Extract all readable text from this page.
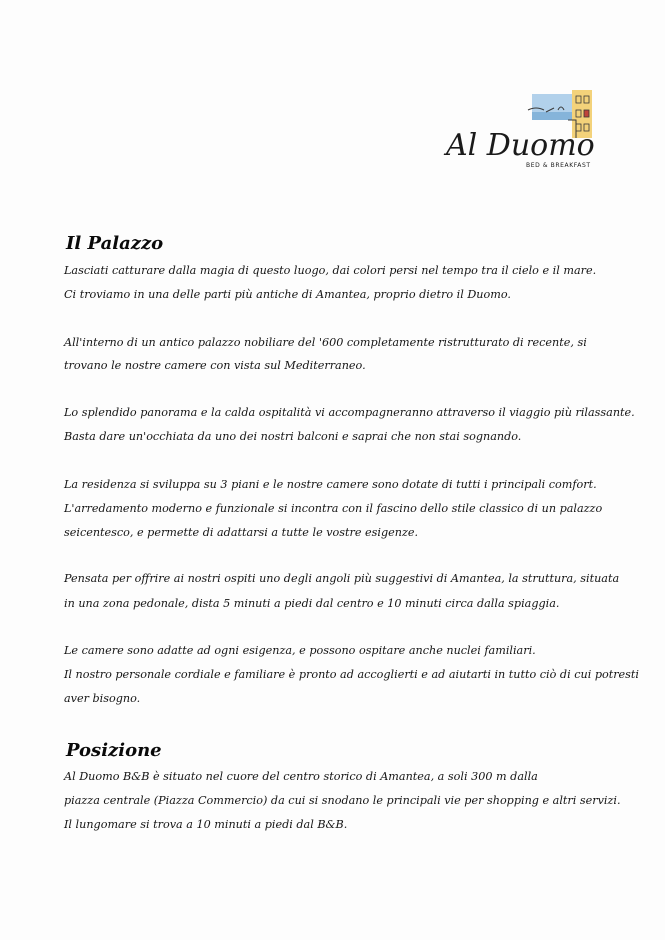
Al Duomo
BED & BREAKFAST
Il Palazzo
Lasciati catturare dalla magia di questo luogo, dai colori persi nel tempo tra il cielo e il mare.
Ci troviamo in una delle parti più antiche di Amantea, proprio dietro il Duomo.
All'interno di un antico palazzo nobiliare del '600 completamente ristrutturato di recente, si
trovano le nostre camere con vista sul Mediterraneo.
Lo splendido panorama e la calda ospitalità vi accompagneranno attraverso il viaggio più rilassante.
Basta dare un'occhiata da uno dei nostri balconi e saprai che non stai sognando.
La residenza si sviluppa su 3 piani e le nostre camere sono dotate di tutti i principali comfort.
L'arredamento moderno e funzionale si incontra con il fascino dello stile classico di un palazzo
seicentesco, e permette di adattarsi a tutte le vostre esigenze.
Pensata per offrire ai nostri ospiti uno degli angoli più suggestivi di Amantea, la struttura, situata
in una zona pedonale, dista 5 minuti a piedi dal centro e 10 minuti circa dalla spiaggia.
Le camere sono adatte ad ogni esigenza, e possono ospitare anche nuclei familiari.
Il nostro personale cordiale e familiare è pronto ad accoglierti e ad aiutarti in tutto ciò di cui potresti
aver bisogno.
Posizione
Al Duomo B&B è situato nel cuore del centro storico di Amantea, a soli 300 m dalla
piazza centrale (Piazza Commercio) da cui si snodano le principali vie per shopping e altri servizi.
Il lungomare si trova a 10 minuti a piedi dal B&B.
